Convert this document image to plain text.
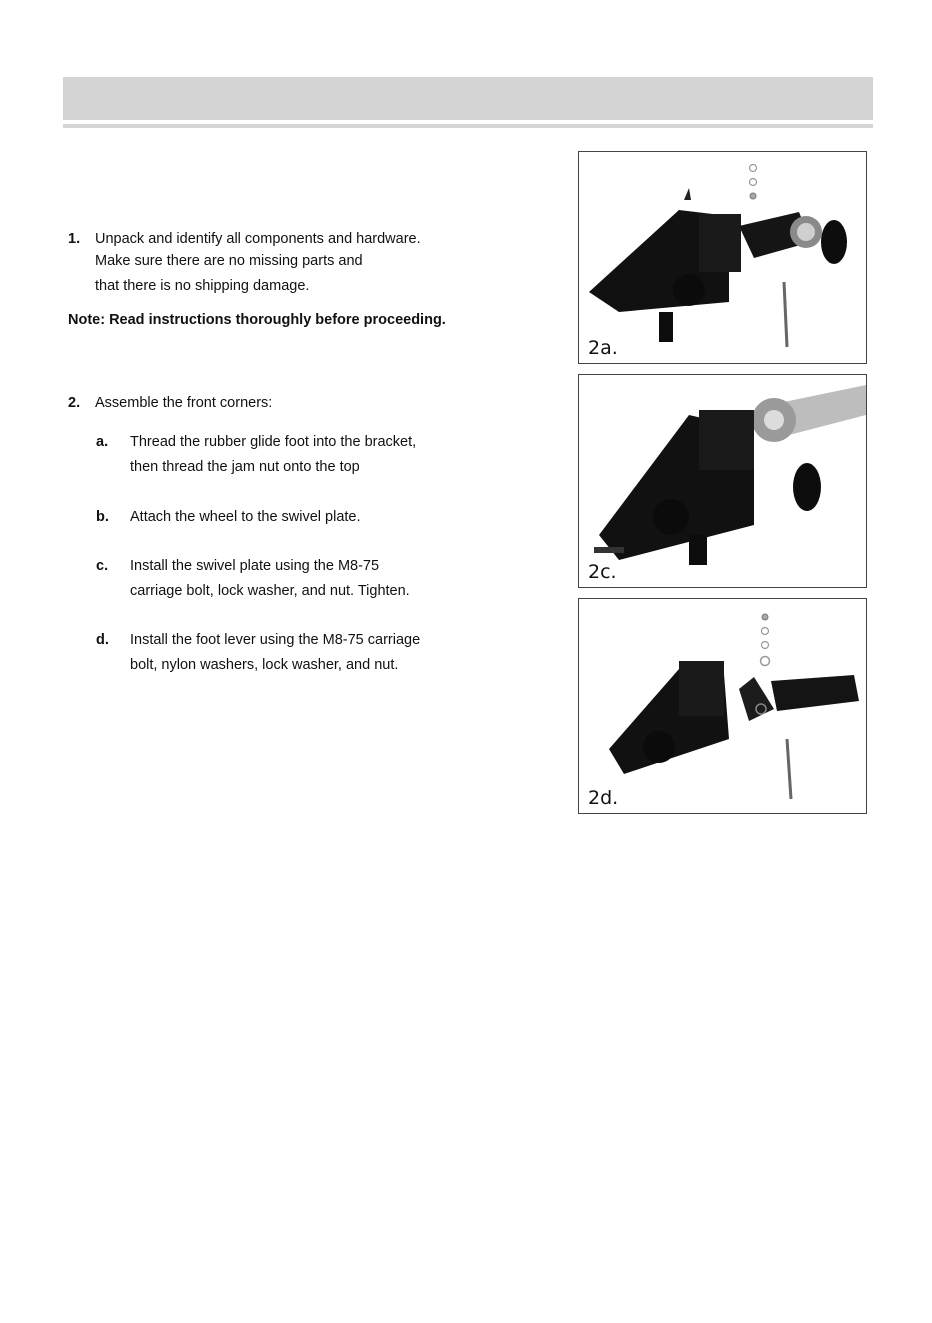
1. Unpack and identify all components and hardware.
Make sure there are no missing parts and
that there is no shipping damage.
Note: Read instructions thoroughly before proceeding.
2. Assemble the front corners:
a. Thread the rubber glide foot into the bracket,
then thread the jam nut onto the top
b. Attach the wheel to the swivel plate.
c. Install the swivel plate using the M8-75
carriage bolt, lock washer, and nut. Tighten.
d. Install the foot lever using the M8-75 carriage
bolt, nylon washers, lock washer, and nut.
2a.
2c.
2d.
